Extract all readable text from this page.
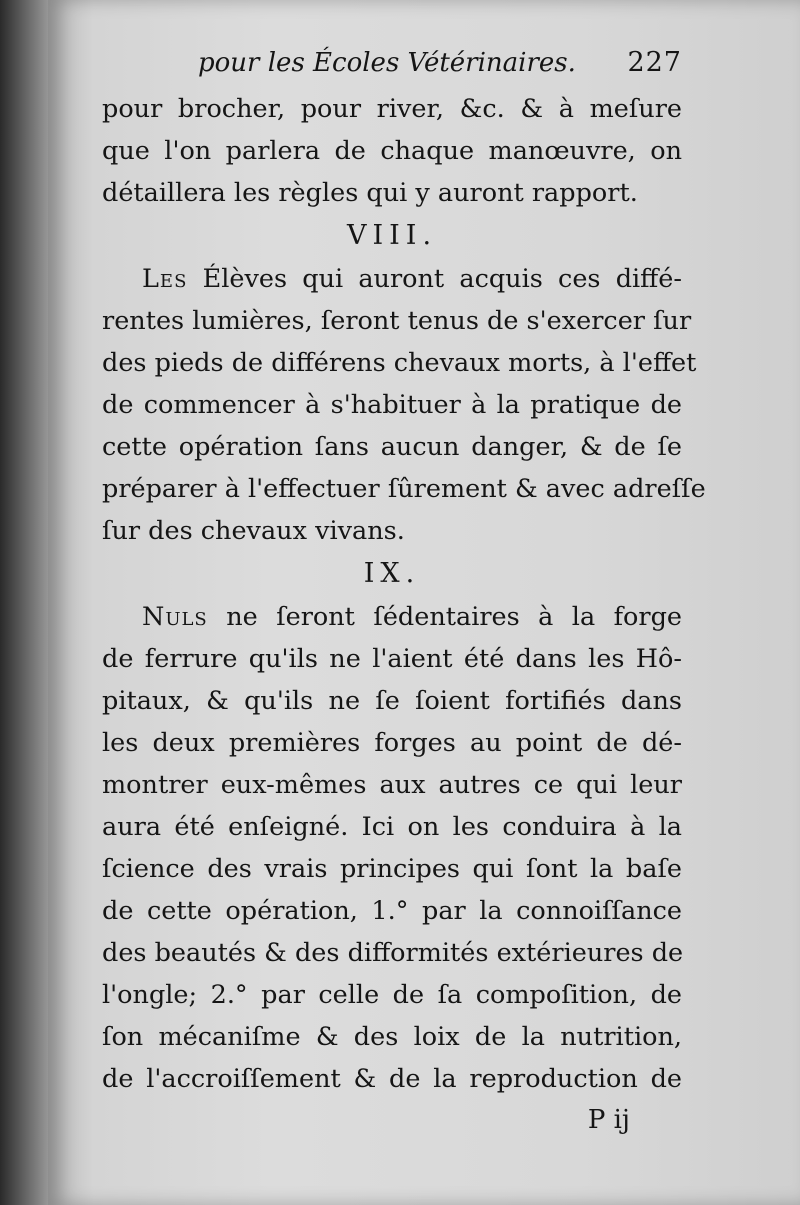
pour les Écoles Vétérinaires. 227
pour brocher, pour river, &c. & à meſure
que l'on parlera de chaque manœuvre, on
détaillera les règles qui y auront rapport.
VIII.
Les Élèves qui auront acquis ces diffé-
rentes lumières, ſeront tenus de s'exercer ſur
des pieds de différens chevaux morts, à l'effet
de commencer à s'habituer à la pratique de
cette opération ſans aucun danger, & de ſe
préparer à l'effectuer ſûrement & avec adreſſe
ſur des chevaux vivans.
IX.
Nuls ne ſeront ſédentaires à la forge
de ferrure qu'ils ne l'aient été dans les Hô-
pitaux, & qu'ils ne ſe ſoient fortifiés dans
les deux premières forges au point de dé-
montrer eux-mêmes aux autres ce qui leur
aura été enſeigné. Ici on les conduira à la
ſcience des vrais principes qui ſont la baſe
de cette opération, 1.° par la connoiſſance
des beautés & des difformités extérieures de
l'ongle; 2.° par celle de ſa compoſition, de
ſon mécaniſme & des loix de la nutrition,
de l'accroiſſement & de la reproduction de
P ij
